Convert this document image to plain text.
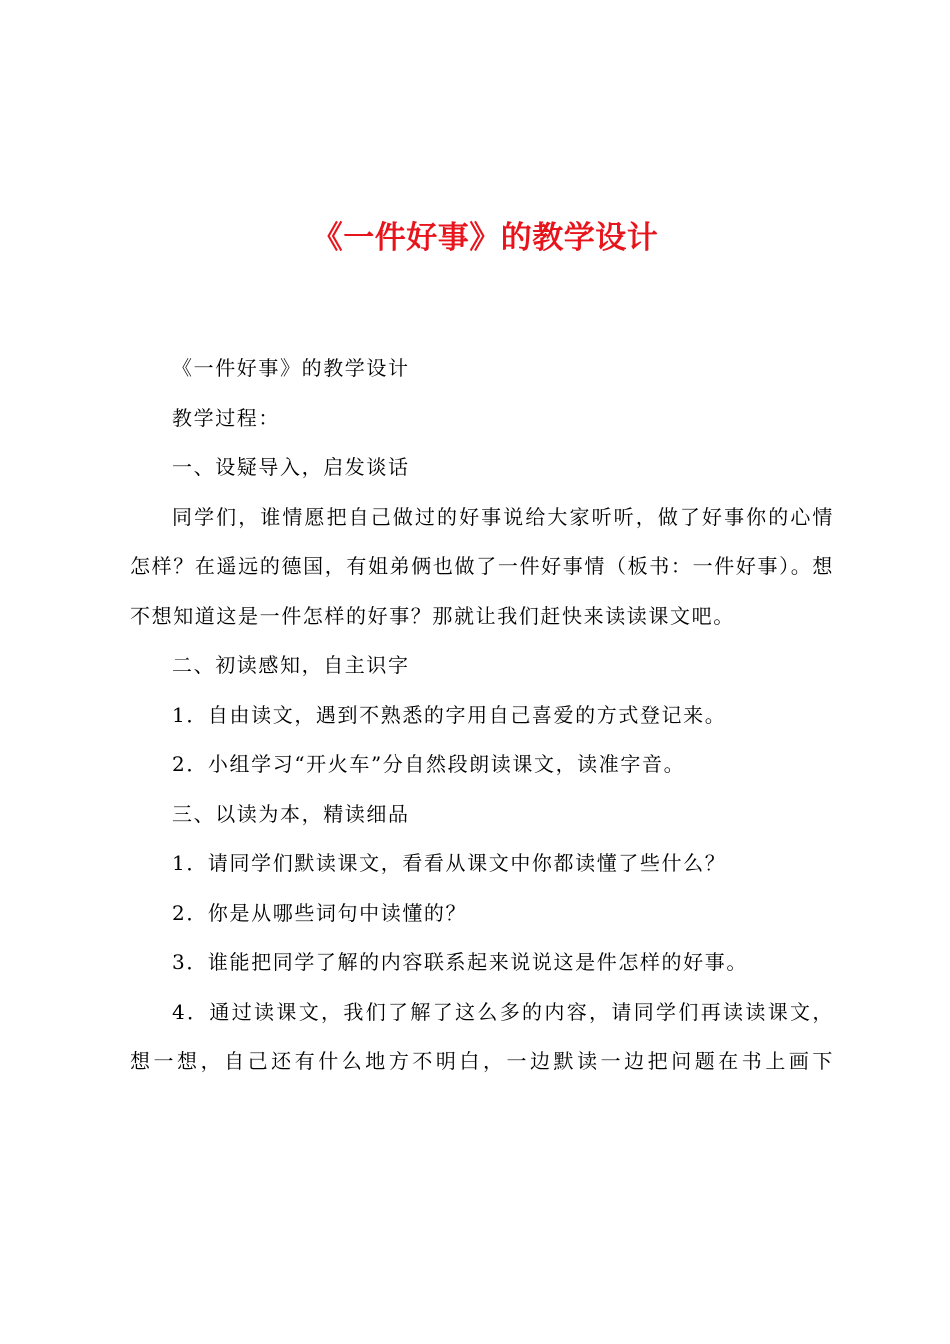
《一件好事》的教学设计

《一件好事》的教学设计

教学过程：

一、设疑导入，启发谈话

同学们，谁情愿把自己做过的好事说给大家听听，做了好事你的心情怎样？在遥远的德国，有姐弟俩也做了一件好事情（板书：一件好事）。想不想知道这是一件怎样的好事？那就让我们赶快来读读课文吧。

二、初读感知，自主识字

1．自由读文，遇到不熟悉的字用自己喜爱的方式登记来。

2．小组学习“开火车”分自然段朗读课文，读准字音。

三、以读为本，精读细品

1．请同学们默读课文，看看从课文中你都读懂了些什么？

2．你是从哪些词句中读懂的？

3．谁能把同学了解的内容联系起来说说这是件怎样的好事。

4．通过读课文，我们了解了这么多的内容，请同学们再读读课文，想一想，自己还有什么地方不明白，一边默读一边把问题在书上画下
